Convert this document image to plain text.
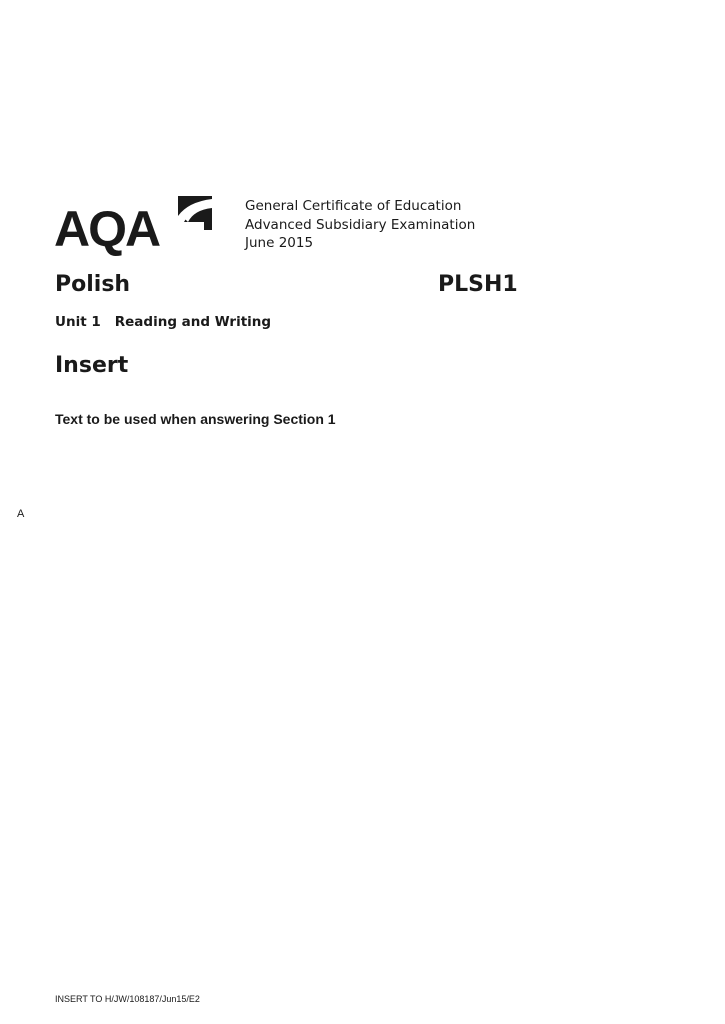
AQA	General Certificate of Education
Advanced Subsidiary Examination
June 2015
Polish	PLSH1
Unit 1 Reading and Writing
Insert
Text to be used when answering Section 1
A
INSERT TO H/JW/108187/Jun15/E2
